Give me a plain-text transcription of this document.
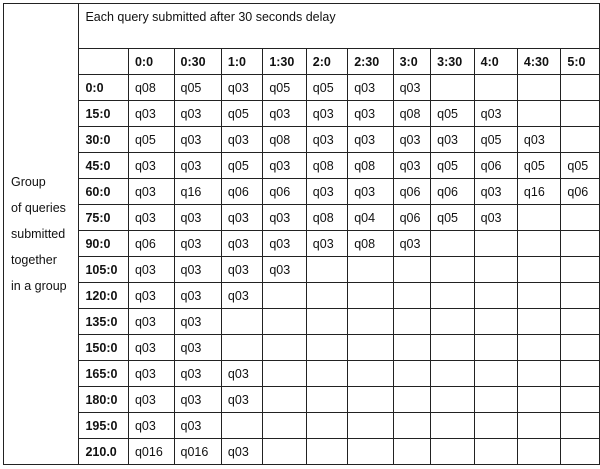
Group
of queries
submitted
together
in a group	Each query submitted after 30 seconds delay											
		0:0	0:30	1:0	1:30	2:0	2:30	3:0	3:30	4:0	4:30	5:0
	0:0	q08	q05	q03	q05	q05	q03	q03				
	15:0	q03	q03	q05	q03	q03	q03	q08	q05	q03		
	30:0	q05	q03	q03	q08	q03	q03	q03	q03	q05	q03	
	45:0	q03	q03	q05	q03	q08	q08	q03	q05	q06	q05	q05
	60:0	q03	q16	q06	q06	q03	q03	q06	q06	q03	q16	q06
	75:0	q03	q03	q03	q03	q08	q04	q06	q05	q03		
	90:0	q06	q03	q03	q03	q03	q08	q03				
	105:0	q03	q03	q03	q03							
	120:0	q03	q03	q03								
	135:0	q03	q03									
	150:0	q03	q03									
	165:0	q03	q03	q03								
	180:0	q03	q03	q03								
	195:0	q03	q03									
	210.0	q016	q016	q03								
